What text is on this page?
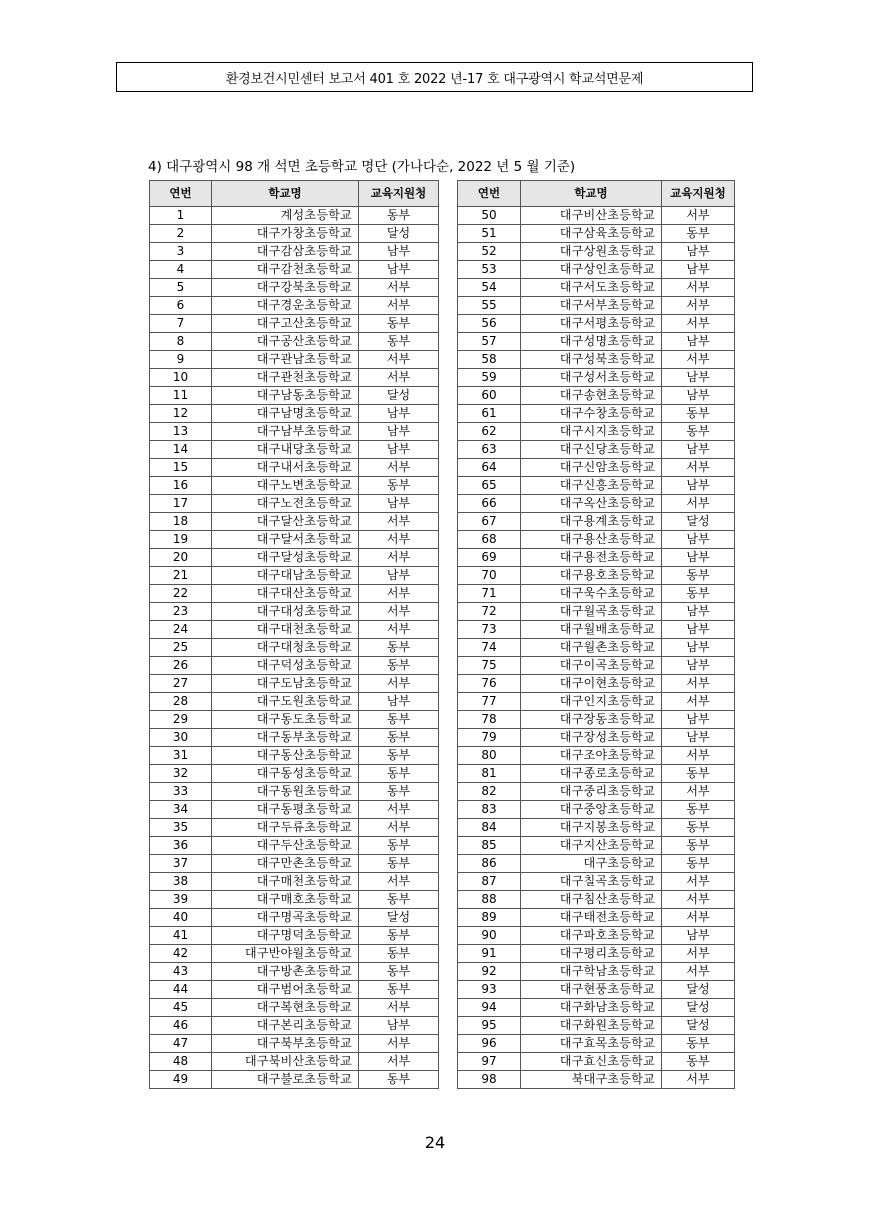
환경보건시민센터 보고서 401 호 2022 년-17 호 대구광역시 학교석면문제
4) 대구광역시 98 개 석면 초등학교 명단 (가나다순, 2022 년 5 월 기준)
연번	학교명	교육지원청
1	계성초등학교	동부
2	대구가창초등학교	달성
3	대구감삼초등학교	남부
4	대구감천초등학교	남부
5	대구강북초등학교	서부
6	대구경운초등학교	서부
7	대구고산초등학교	동부
8	대구공산초등학교	동부
9	대구관남초등학교	서부
10	대구관천초등학교	서부
11	대구남동초등학교	달성
12	대구남명초등학교	남부
13	대구남부초등학교	남부
14	대구내당초등학교	남부
15	대구내서초등학교	서부
16	대구노변초등학교	동부
17	대구노전초등학교	남부
18	대구달산초등학교	서부
19	대구달서초등학교	서부
20	대구달성초등학교	서부
21	대구대남초등학교	남부
22	대구대산초등학교	서부
23	대구대성초등학교	서부
24	대구대천초등학교	서부
25	대구대청초등학교	동부
26	대구덕성초등학교	동부
27	대구도남초등학교	서부
28	대구도원초등학교	남부
29	대구동도초등학교	동부
30	대구동부초등학교	동부
31	대구동산초등학교	동부
32	대구동성초등학교	동부
33	대구동원초등학교	동부
34	대구동평초등학교	서부
35	대구두류초등학교	서부
36	대구두산초등학교	동부
37	대구만촌초등학교	동부
38	대구매천초등학교	서부
39	대구매호초등학교	동부
40	대구명곡초등학교	달성
41	대구명덕초등학교	동부
42	대구반야월초등학교	동부
43	대구방촌초등학교	동부
44	대구범어초등학교	동부
45	대구복현초등학교	서부
46	대구본리초등학교	남부
47	대구북부초등학교	서부
48	대구북비산초등학교	서부
49	대구불로초등학교	동부
연번	학교명	교육지원청
50	대구비산초등학교	서부
51	대구삼육초등학교	동부
52	대구상원초등학교	남부
53	대구상인초등학교	남부
54	대구서도초등학교	서부
55	대구서부초등학교	서부
56	대구서평초등학교	서부
57	대구성명초등학교	남부
58	대구성북초등학교	서부
59	대구성서초등학교	남부
60	대구송현초등학교	남부
61	대구수창초등학교	동부
62	대구시지초등학교	동부
63	대구신당초등학교	남부
64	대구신암초등학교	서부
65	대구신흥초등학교	남부
66	대구옥산초등학교	서부
67	대구용계초등학교	달성
68	대구용산초등학교	남부
69	대구용전초등학교	남부
70	대구용호초등학교	동부
71	대구욱수초등학교	동부
72	대구월곡초등학교	남부
73	대구월배초등학교	남부
74	대구월촌초등학교	남부
75	대구이곡초등학교	남부
76	대구이현초등학교	서부
77	대구인지초등학교	서부
78	대구장동초등학교	남부
79	대구장성초등학교	남부
80	대구조야초등학교	서부
81	대구종로초등학교	동부
82	대구중리초등학교	서부
83	대구중앙초등학교	동부
84	대구지봉초등학교	동부
85	대구지산초등학교	동부
86	대구초등학교	동부
87	대구칠곡초등학교	서부
88	대구침산초등학교	서부
89	대구태전초등학교	서부
90	대구파호초등학교	남부
91	대구평리초등학교	서부
92	대구학남초등학교	서부
93	대구현풍초등학교	달성
94	대구화남초등학교	달성
95	대구화원초등학교	달성
96	대구효목초등학교	동부
97	대구효신초등학교	동부
98	북대구초등학교	서부
24
